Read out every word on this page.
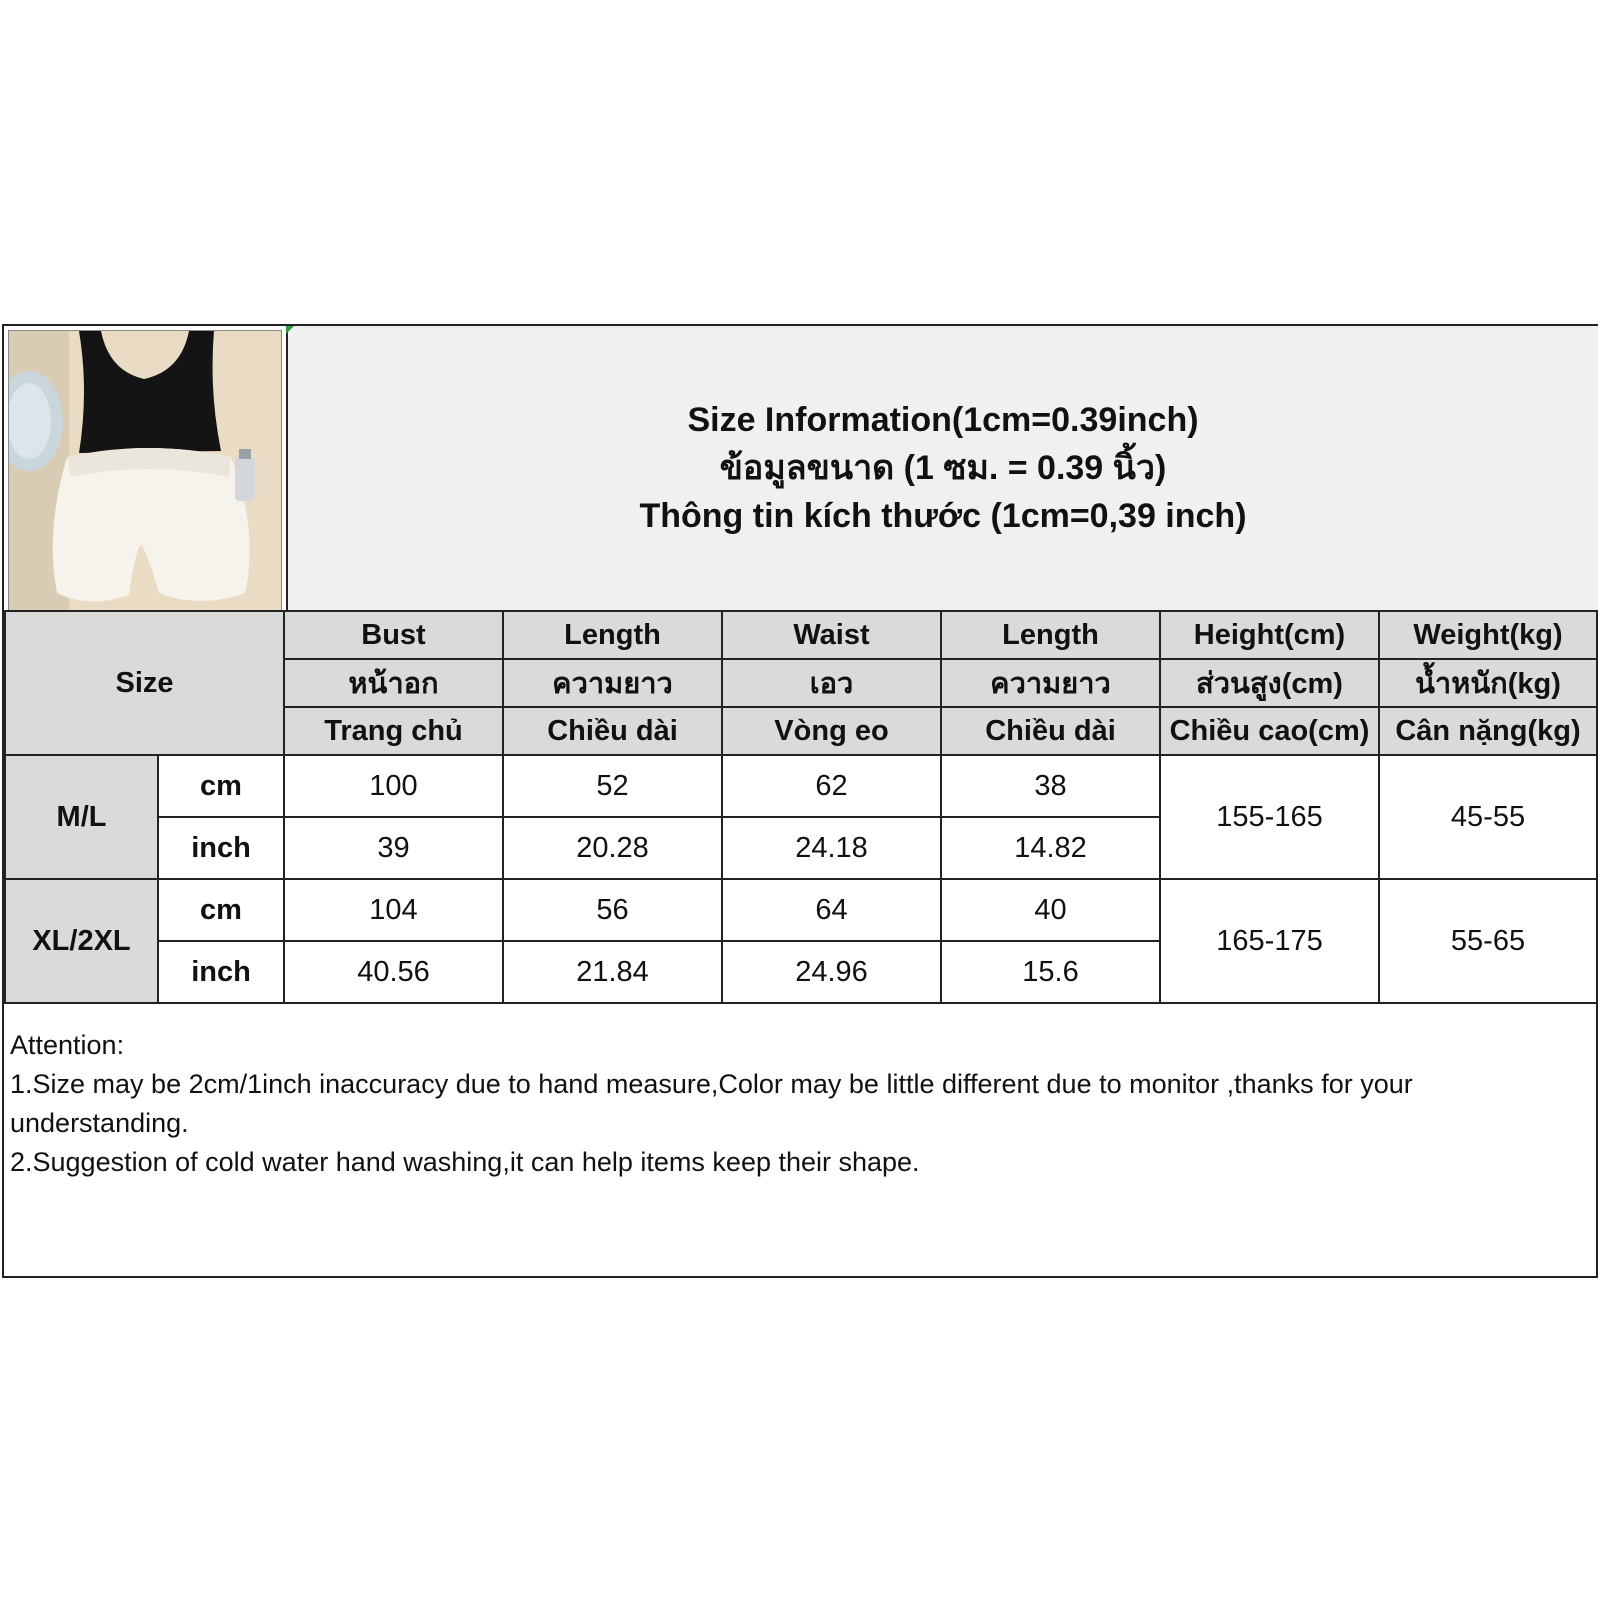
Size Information(1cm=0.39inch)
ข้อมูลขนาด (1 ซม. = 0.39 นิ้ว)
Thông tin kích thước (1cm=0,39 inch)
Size		Bust	Length	Waist	Length	Height(cm)	Weight(kg)
		หน้าอก	ความยาว	เอว	ความยาว	ส่วนสูง(cm)	น้ำหนัก(kg)
		Trang chủ	Chiều dài	Vòng eo	Chiều dài	Chiều cao(cm)	Cân nặng(kg)
M/L	cm	100	52	62	38	155-165	45-55
	inch	39	20.28	24.18	14.82		
XL/2XL	cm	104	56	64	40	165-175	55-65
	inch	40.56	21.84	24.96	15.6		
Attention:
1.Size may be 2cm/1inch inaccuracy due to hand measure,Color may be little different due to monitor ,thanks for your understanding.
2.Suggestion of cold water hand washing,it can help items keep their shape.
